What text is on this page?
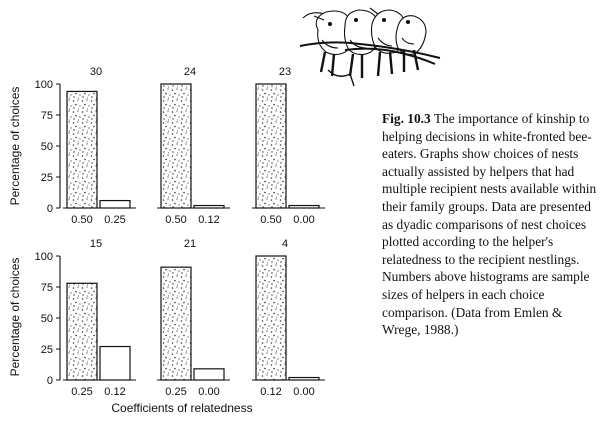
0
25
50
75
100
0.50 0.25
30
0.50 0.12
24
0.50 0.00
23
0
25
50
75
100
0.25 0.12
15
0.25 0.00
21
0.12 0.00
4
Percentage of choices
Percentage of choices
Coefficients of relatedness
Fig. 10.3 The importance of kinship to helping decisions in white-fronted bee-eaters. Graphs show choices of nests actually assisted by helpers that had multiple recipient nests available within their family groups. Data are presented as dyadic comparisons of nest choices plotted according to the helper's relatedness to the recipient nestlings. Numbers above histograms are sample sizes of helpers in each choice comparison. (Data from Emlen & Wrege, 1988.)
